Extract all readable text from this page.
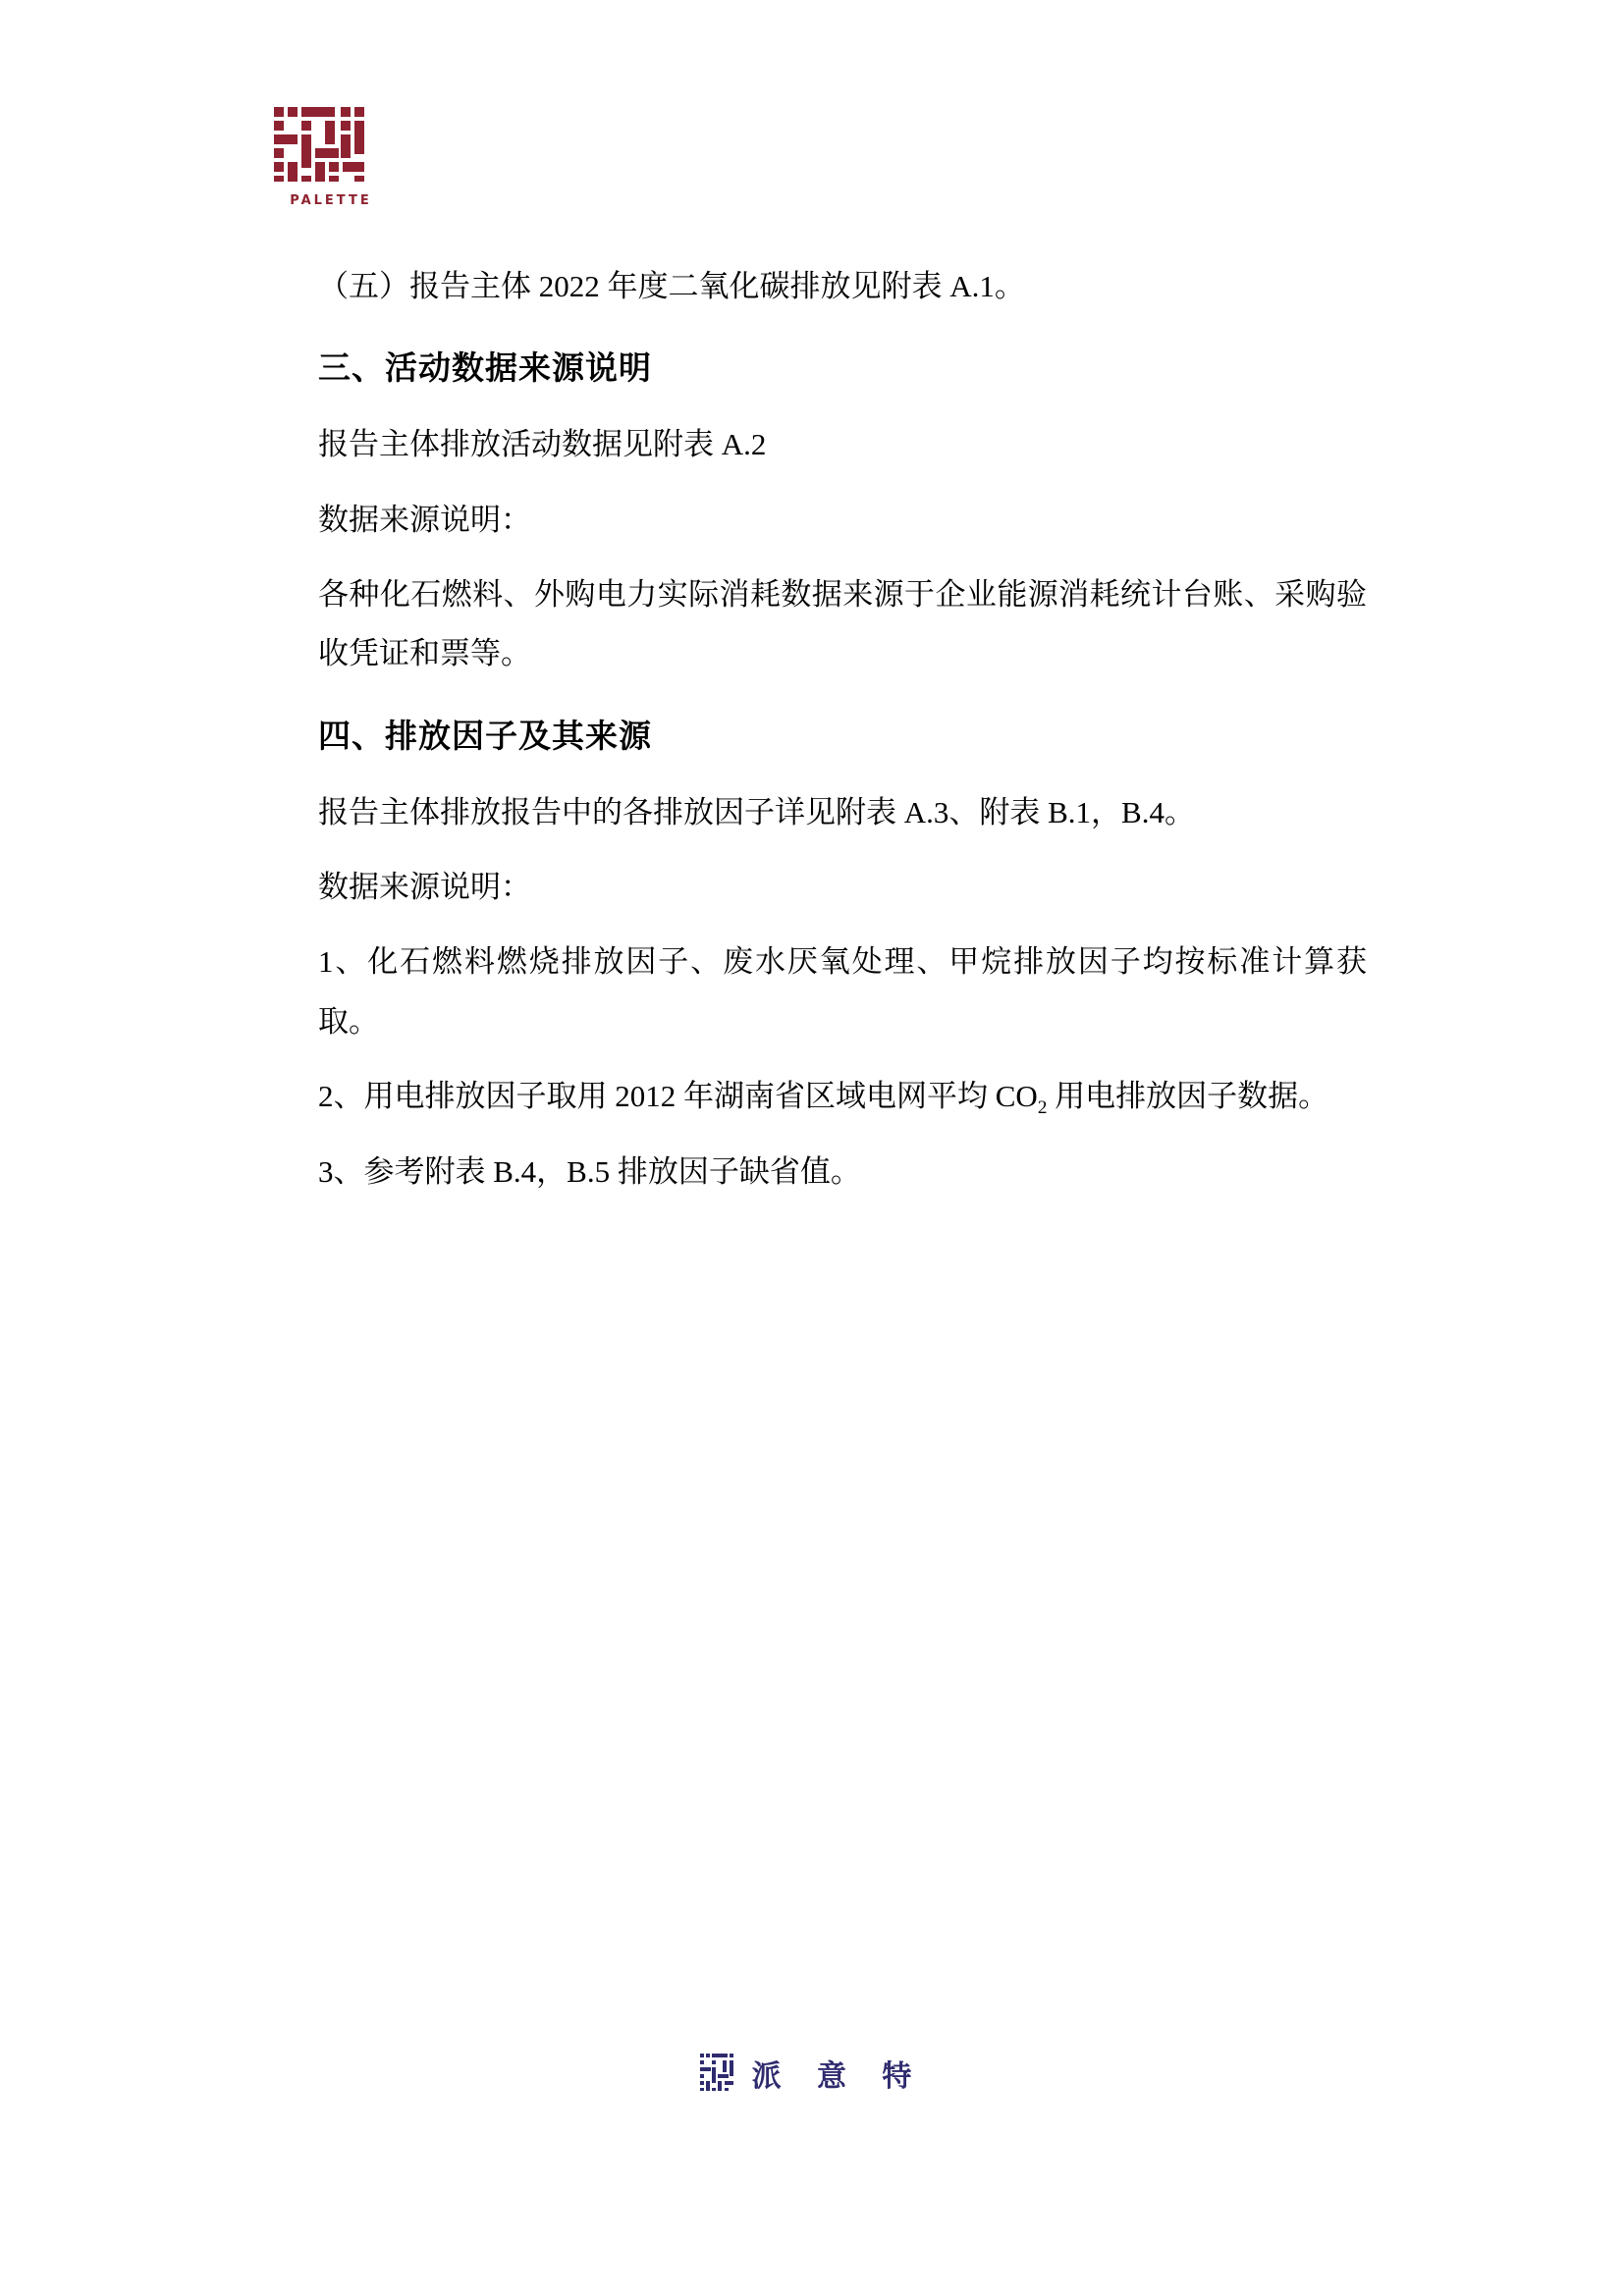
PALETTE

（五）报告主体 2022 年度二氧化碳排放见附表 A.1。

三、活动数据来源说明

报告主体排放活动数据见附表 A.2

数据来源说明：

各种化石燃料、外购电力实际消耗数据来源于企业能源消耗统计台账、采购验收凭证和票等。

四、排放因子及其来源

报告主体排放报告中的各排放因子详见附表 A.3、附表 B.1，B.4。

数据来源说明：

1、化石燃料燃烧排放因子、废水厌氧处理、甲烷排放因子均按标准计算获取。

2、用电排放因子取用 2012 年湖南省区域电网平均 $CO_2$ 用电排放因子数据。

3、参考附表 B.4，B.5 排放因子缺省值。

派 意 特
